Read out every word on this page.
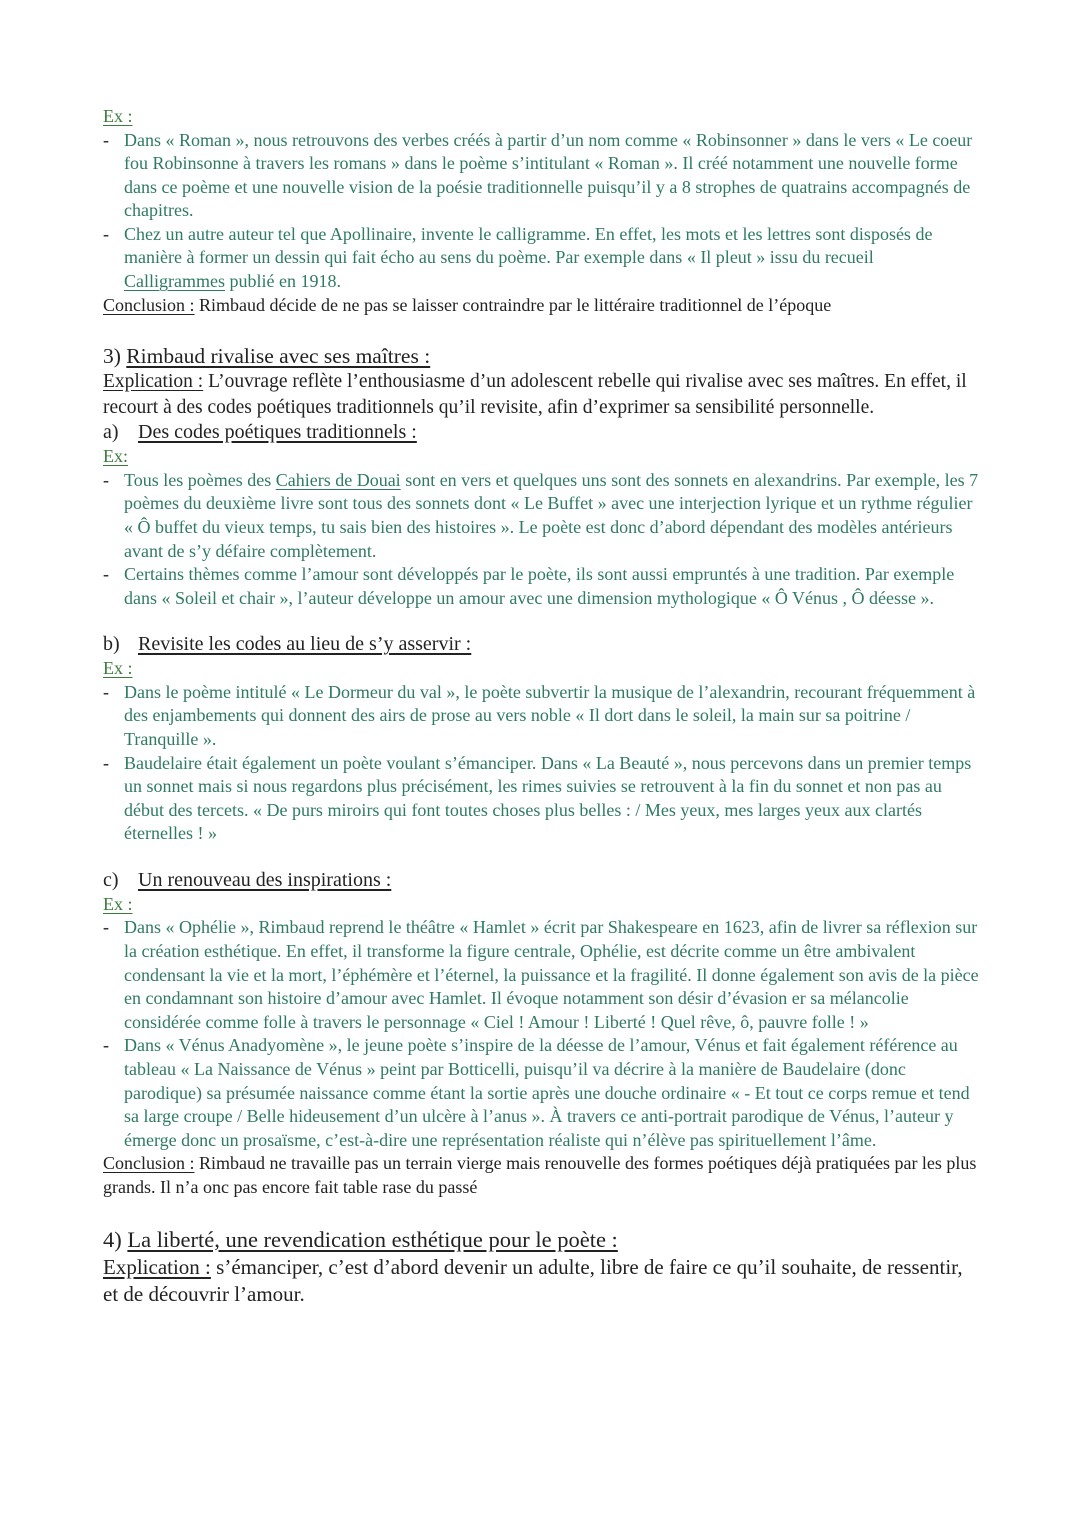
Ex :
- Dans « Roman », nous retrouvons des verbes créés à partir d’un nom comme « Robinsonner » dans le vers « Le coeur fou Robinsonne à travers les romans » dans le poème s’intitulant « Roman ». Il créé notamment une nouvelle forme dans ce poème et une nouvelle vision de la poésie traditionnelle puisqu’il y a 8 strophes de quatrains accompagnés de chapitres.
- Chez un autre auteur tel que Apollinaire, invente le calligramme. En effet, les mots et les lettres sont disposés de manière à former un dessin qui fait écho au sens du poème. Par exemple dans « Il pleut » issu du recueil Calligrammes publié en 1918.
Conclusion : Rimbaud décide de ne pas se laisser contraindre par le littéraire traditionnel de l’époque
3) Rimbaud rivalise avec ses maîtres :
Explication : L’ouvrage reflète l’enthousiasme d’un adolescent rebelle qui rivalise avec ses maîtres. En effet, il recourt à des codes poétiques traditionnels qu’il revisite, afin d’exprimer sa sensibilité personnelle.
a) Des codes poétiques traditionnels :
Ex:
- Tous les poèmes des Cahiers de Douai sont en vers et quelques uns sont des sonnets en alexandrins. Par exemple, les 7 poèmes du deuxième livre sont tous des sonnets dont « Le Buffet » avec une interjection lyrique et un rythme régulier « Ô buffet du vieux temps, tu sais bien des histoires ». Le poète est donc d’abord dépendant des modèles antérieurs avant de s’y défaire complètement.
- Certains thèmes comme l’amour sont développés par le poète, ils sont aussi empruntés à une tradition. Par exemple dans « Soleil et chair », l’auteur développe un amour avec une dimension mythologique « Ô Vénus , Ô déesse ».
b) Revisite les codes au lieu de s’y asservir :
Ex :
- Dans le poème intitulé « Le Dormeur du val », le poète subvertir la musique de l’alexandrin, recourant fréquemment à des enjambements qui donnent des airs de prose au vers noble « Il dort dans le soleil, la main sur sa poitrine / Tranquille ».
- Baudelaire était également un poète voulant s’émanciper. Dans « La Beauté », nous percevons dans un premier temps un sonnet mais si nous regardons plus précisément, les rimes suivies se retrouvent à la fin du sonnet et non pas au début des tercets. « De purs miroirs qui font toutes choses plus belles : / Mes yeux, mes larges yeux aux clartés éternelles ! »
c) Un renouveau des inspirations :
Ex :
- Dans « Ophélie », Rimbaud reprend le théâtre « Hamlet » écrit par Shakespeare en 1623, afin de livrer sa réflexion sur la création esthétique. En effet, il transforme la figure centrale, Ophélie, est décrite comme un être ambivalent condensant la vie et la mort, l’éphémère et l’éternel, la puissance et la fragilité. Il donne également son avis de la pièce en condamnant son histoire d’amour avec Hamlet. Il évoque notamment son désir d’évasion er sa mélancolie considérée comme folle à travers le personnage « Ciel ! Amour ! Liberté ! Quel rêve, ô, pauvre folle ! »
- Dans « Vénus Anadyomène », le jeune poète s’inspire de la déesse de l’amour, Vénus et fait également référence au tableau « La Naissance de Vénus » peint par Botticelli, puisqu’il va décrire à la manière de Baudelaire (donc parodique) sa présumée naissance comme étant la sortie après une douche ordinaire « - Et tout ce corps remue et tend sa large croupe / Belle hideusement d’un ulcère à l’anus ». À travers ce anti-portrait parodique de Vénus, l’auteur y émerge donc un prosaïsme, c’est-à-dire une représentation réaliste qui n’élève pas spirituellement l’âme.
Conclusion : Rimbaud ne travaille pas un terrain vierge mais renouvelle des formes poétiques déjà pratiquées par les plus grands. Il n’a onc pas encore fait table rase du passé
4) La liberté, une revendication esthétique pour le poète :
Explication : s’émanciper, c’est d’abord devenir un adulte, libre de faire ce qu’il souhaite, de ressentir, et de découvrir l’amour.
